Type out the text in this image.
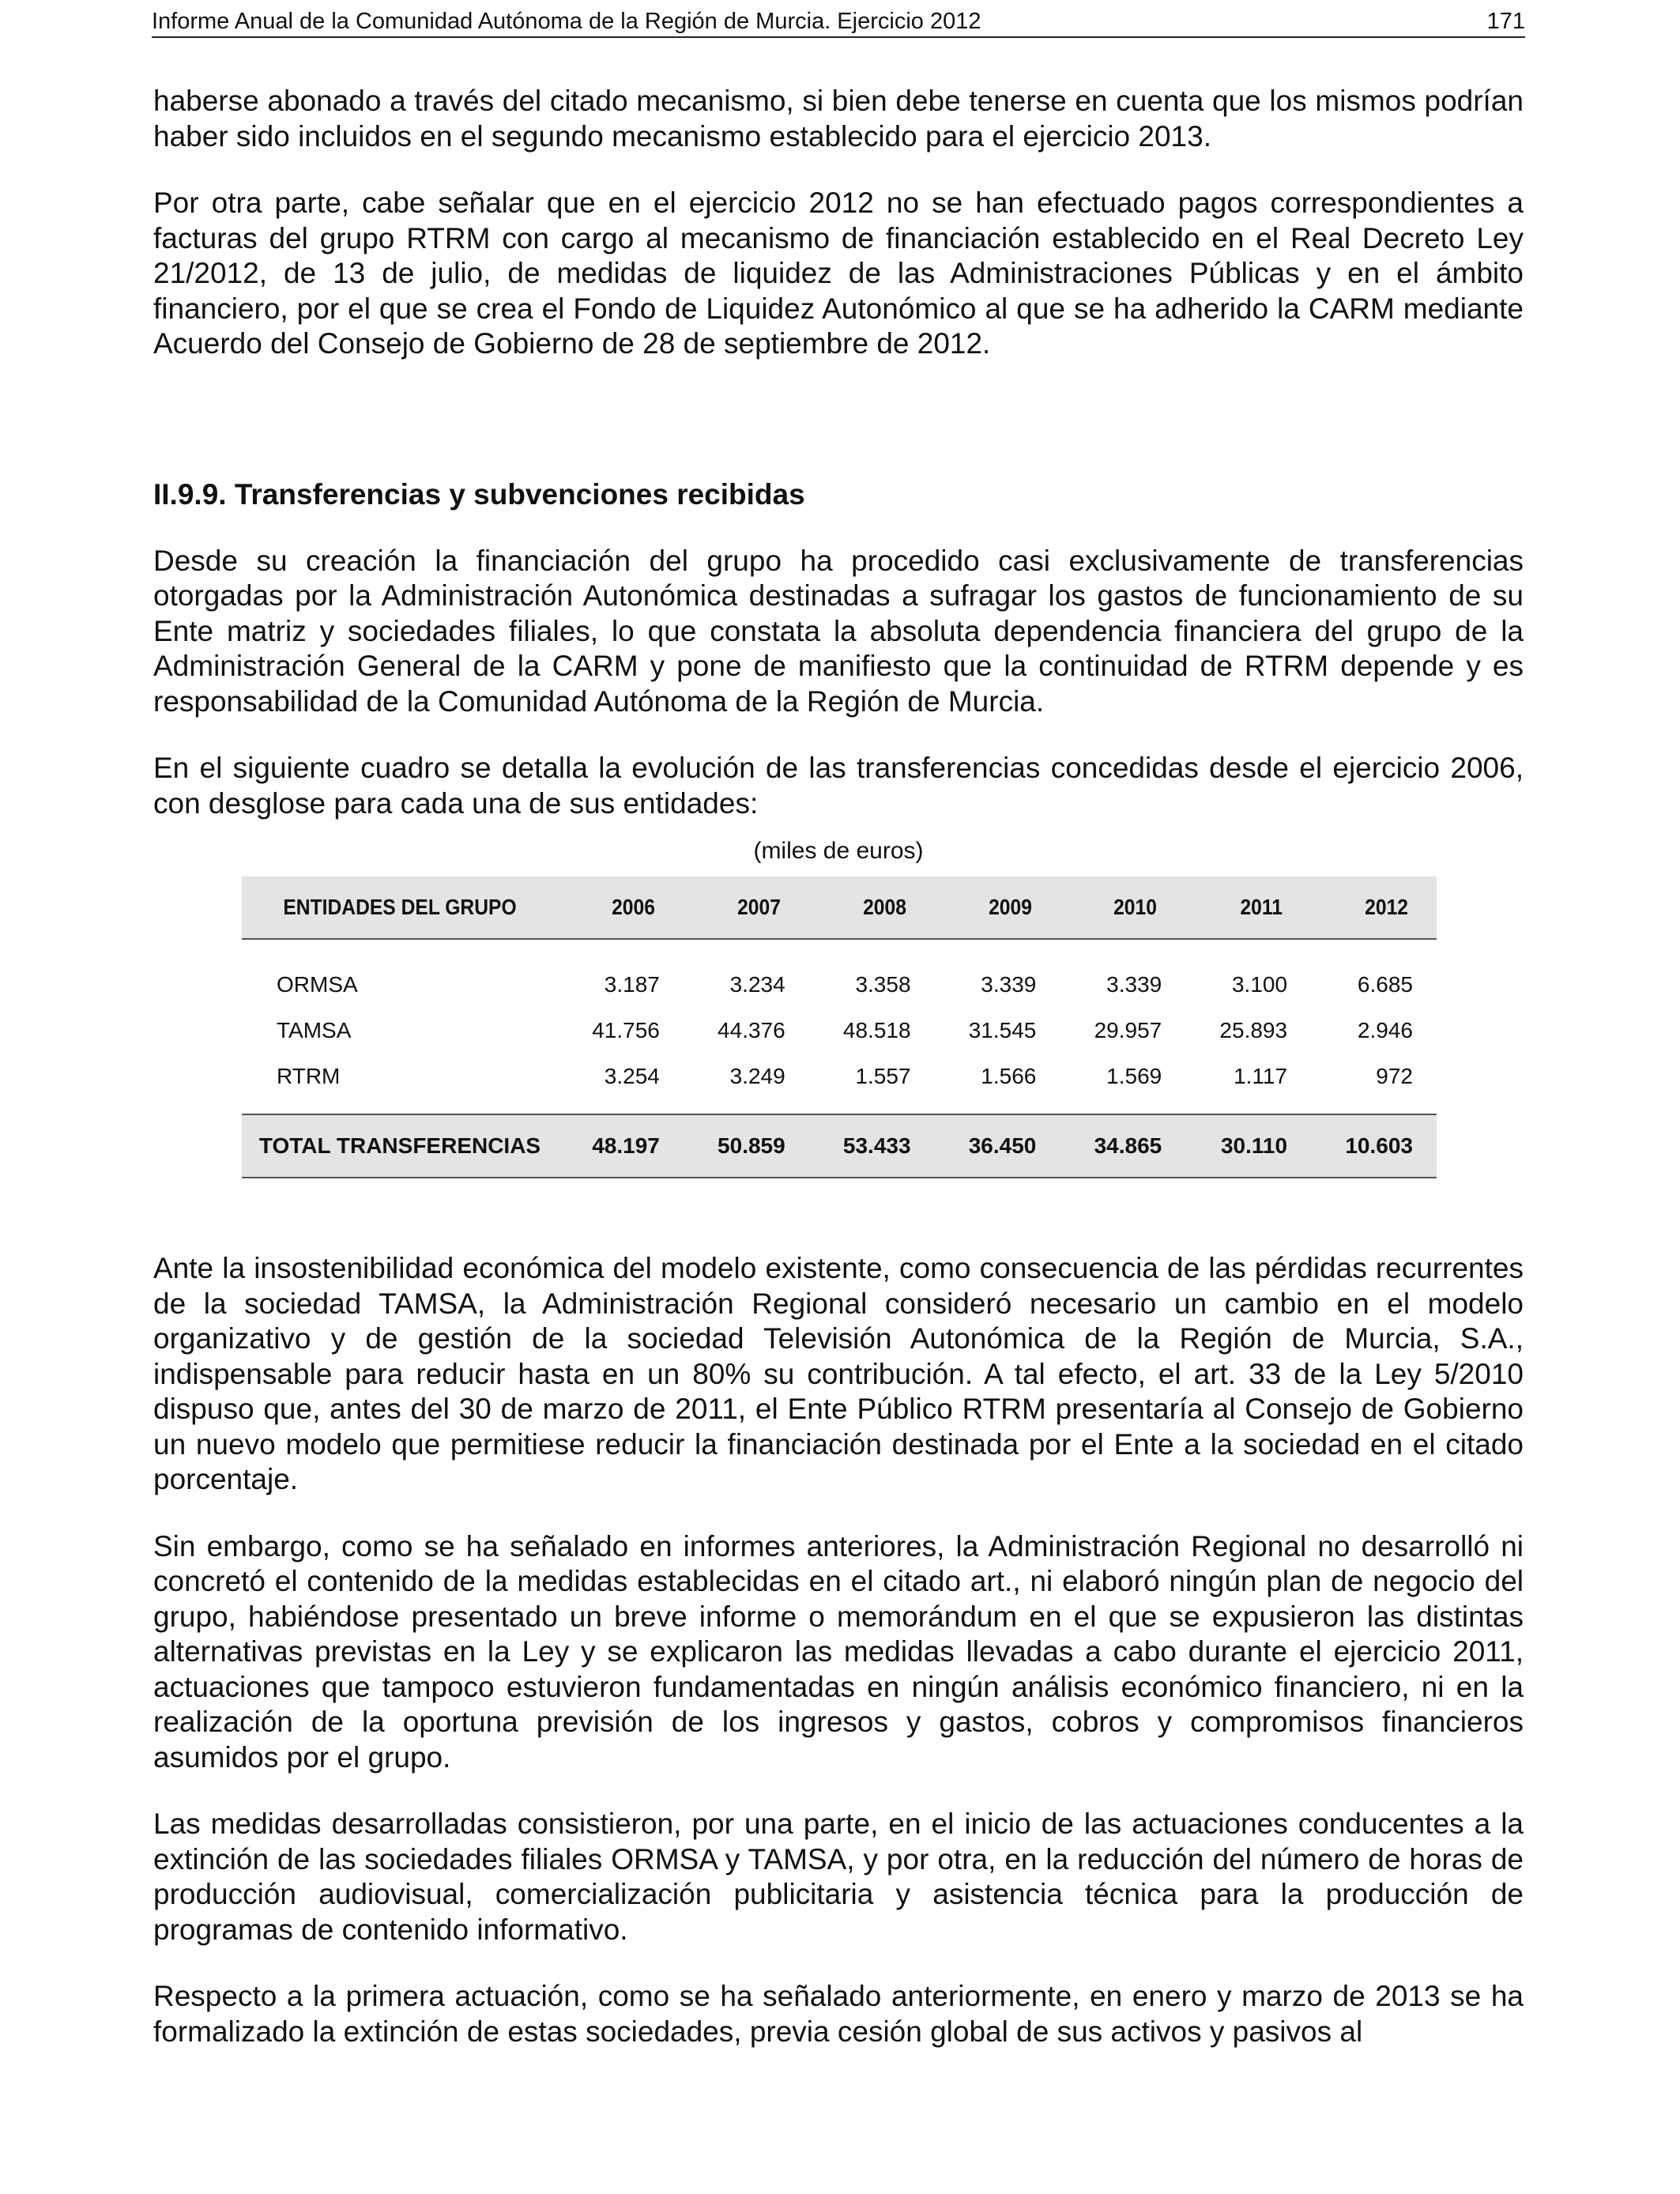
Informe Anual de la Comunidad Autónoma de la Región de Murcia. Ejercicio 2012	171

haberse abonado a través del citado mecanismo, si bien debe tenerse en cuenta que los mismos podrían haber sido incluidos en el segundo mecanismo establecido para el ejercicio 2013.

Por otra parte, cabe señalar que en el ejercicio 2012 no se han efectuado pagos correspondientes a facturas del grupo RTRM con cargo al mecanismo de financiación establecido en el Real Decreto Ley 21/2012, de 13 de julio, de medidas de liquidez de las Administraciones Públicas y en el ámbito financiero, por el que se crea el Fondo de Liquidez Autonómico al que se ha adherido la CARM mediante Acuerdo del Consejo de Gobierno de 28 de septiembre de 2012.

II.9.9. Transferencias y subvenciones recibidas

Desde su creación la financiación del grupo ha procedido casi exclusivamente de transferencias otorgadas por la Administración Autonómica destinadas a sufragar los gastos de funcionamiento de su Ente matriz y sociedades filiales, lo que constata la absoluta dependencia financiera del grupo de la Administración General de la CARM y pone de manifiesto que la continuidad de RTRM depende y es responsabilidad de la Comunidad Autónoma de la Región de Murcia.

En el siguiente cuadro se detalla la evolución de las transferencias concedidas desde el ejercicio 2006, con desglose para cada una de sus entidades:

(miles de euros)
ENTIDADES DEL GRUPO	2006	2007	2008	2009	2010	2011	2012
ORMSA	3.187	3.234	3.358	3.339	3.339	3.100	6.685
TAMSA	41.756	44.376	48.518	31.545	29.957	25.893	2.946
RTRM	3.254	3.249	1.557	1.566	1.569	1.117	972
TOTAL TRANSFERENCIAS	48.197	50.859	53.433	36.450	34.865	30.110	10.603

Ante la insostenibilidad económica del modelo existente, como consecuencia de las pérdidas recurrentes de la sociedad TAMSA, la Administración Regional consideró necesario un cambio en el modelo organizativo y de gestión de la sociedad Televisión Autonómica de la Región de Murcia, S.A., indispensable para reducir hasta en un 80% su contribución. A tal efecto, el art. 33 de la Ley 5/2010 dispuso que, antes del 30 de marzo de 2011, el Ente Público RTRM presentaría al Consejo de Gobierno un nuevo modelo que permitiese reducir la financiación destinada por el Ente a la sociedad en el citado porcentaje.

Sin embargo, como se ha señalado en informes anteriores, la Administración Regional no desarrolló ni concretó el contenido de la medidas establecidas en el citado art., ni elaboró ningún plan de negocio del grupo, habiéndose presentado un breve informe o memorándum en el que se expusieron las distintas alternativas previstas en la Ley y se explicaron las medidas llevadas a cabo durante el ejercicio 2011, actuaciones que tampoco estuvieron fundamentadas en ningún análisis económico financiero, ni en la realización de la oportuna previsión de los ingresos y gastos, cobros y compromisos financieros asumidos por el grupo.

Las medidas desarrolladas consistieron, por una parte, en el inicio de las actuaciones conducentes a la extinción de las sociedades filiales ORMSA y TAMSA, y por otra, en la reducción del número de horas de producción audiovisual, comercialización publicitaria y asistencia técnica para la producción de programas de contenido informativo.

Respecto a la primera actuación, como se ha señalado anteriormente, en enero y marzo de 2013 se ha formalizado la extinción de estas sociedades, previa cesión global de sus activos y pasivos al
